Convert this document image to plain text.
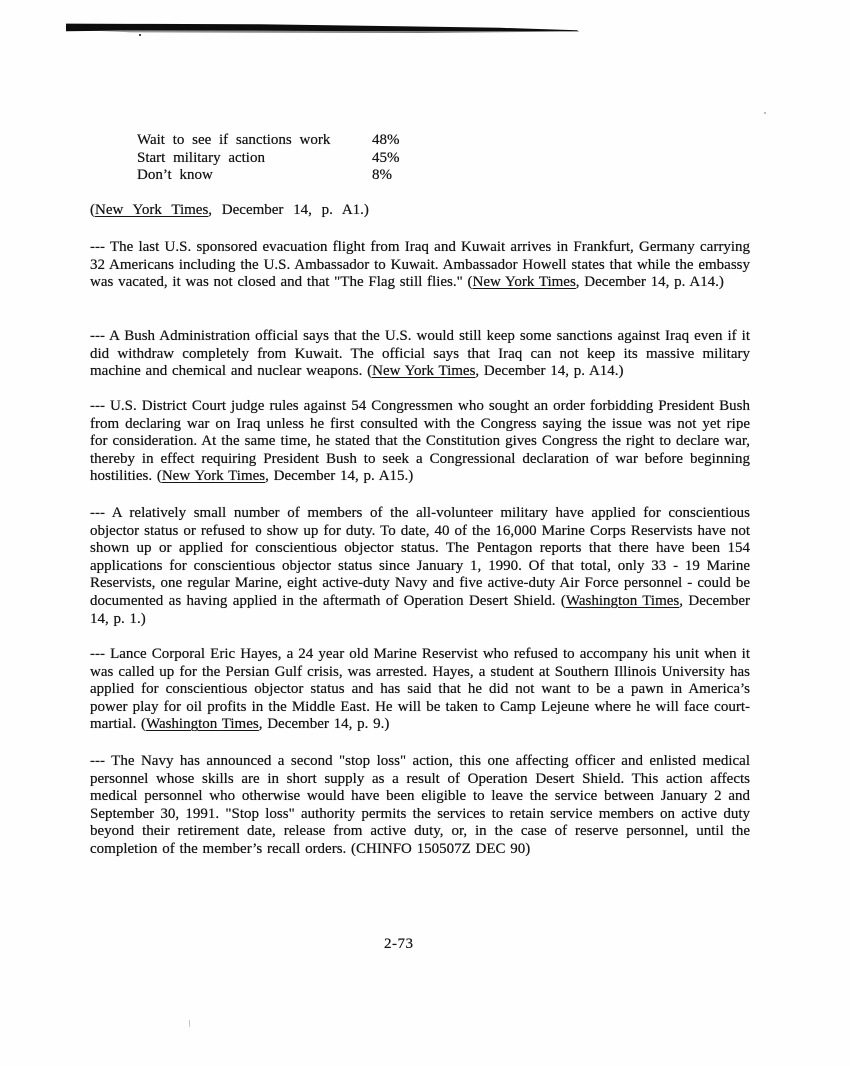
Wait to see if sanctions work	48%
Start military action	45%
Don’t know	8%
(New York Times, December 14, p. A1.)

--- The last U.S. sponsored evacuation flight from Iraq and Kuwait arrives in Frankfurt, Germany carrying 32 Americans including the U.S. Ambassador to Kuwait. Ambassador Howell states that while the embassy was vacated, it was not closed and that "The Flag still flies." (New York Times, December 14, p. A14.)

--- A Bush Administration official says that the U.S. would still keep some sanctions against Iraq even if it did withdraw completely from Kuwait. The official says that Iraq can not keep its massive military machine and chemical and nuclear weapons. (New York Times, December 14, p. A14.)

--- U.S. District Court judge rules against 54 Congressmen who sought an order forbidding President Bush from declaring war on Iraq unless he first consulted with the Congress saying the issue was not yet ripe for consideration. At the same time, he stated that the Constitution gives Congress the right to declare war, thereby in effect requiring President Bush to seek a Congressional declaration of war before beginning hostilities. (New York Times, December 14, p. A15.)

--- A relatively small number of members of the all-volunteer military have applied for conscientious objector status or refused to show up for duty. To date, 40 of the 16,000 Marine Corps Reservists have not shown up or applied for conscientious objector status. The Pentagon reports that there have been 154 applications for conscientious objector status since January 1, 1990. Of that total, only 33 - 19 Marine Reservists, one regular Marine, eight active-duty Navy and five active-duty Air Force personnel - could be documented as having applied in the aftermath of Operation Desert Shield. (Washington Times, December 14, p. 1.)

--- Lance Corporal Eric Hayes, a 24 year old Marine Reservist who refused to accompany his unit when it was called up for the Persian Gulf crisis, was arrested. Hayes, a student at Southern Illinois University has applied for conscientious objector status and has said that he did not want to be a pawn in America’s power play for oil profits in the Middle East. He will be taken to Camp Lejeune where he will face court-martial. (Washington Times, December 14, p. 9.)

--- The Navy has announced a second "stop loss" action, this one affecting officer and enlisted medical personnel whose skills are in short supply as a result of Operation Desert Shield. This action affects medical personnel who otherwise would have been eligible to leave the service between January 2 and September 30, 1991. "Stop loss" authority permits the services to retain service members on active duty beyond their retirement date, release from active duty, or, in the case of reserve personnel, until the completion of the member’s recall orders. (CHINFO 150507Z DEC 90)

2-73
